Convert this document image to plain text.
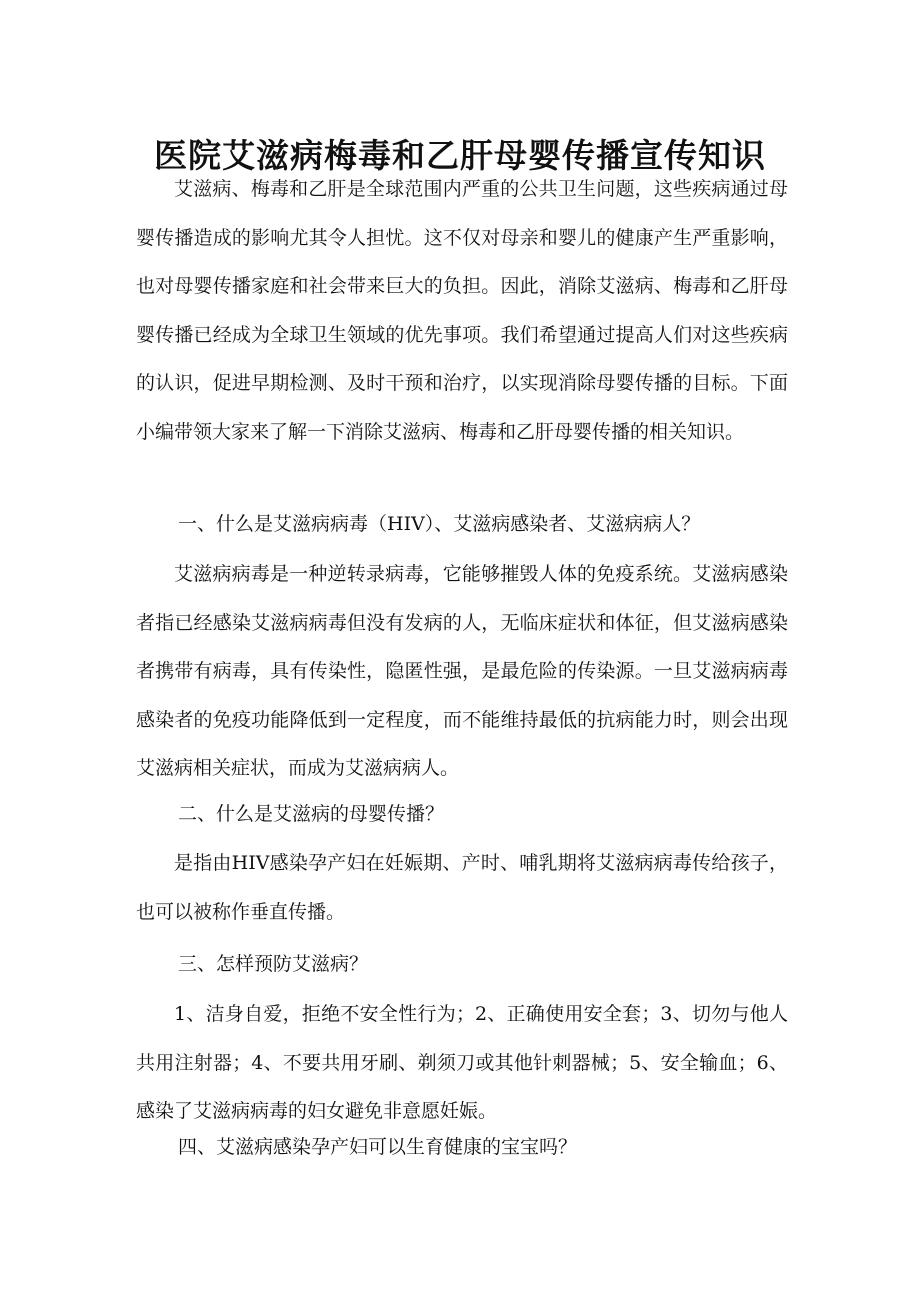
医院艾滋病梅毒和乙肝母婴传播宣传知识

艾滋病、梅毒和乙肝是全球范围内严重的公共卫生问题，这些疾病通过母婴传播造成的影响尤其令人担忧。这不仅对母亲和婴儿的健康产生严重影响，也对母婴传播家庭和社会带来巨大的负担。因此，消除艾滋病、梅毒和乙肝母婴传播已经成为全球卫生领域的优先事项。我们希望通过提高人们对这些疾病的认识，促进早期检测、及时干预和治疗，以实现消除母婴传播的目标。下面小编带领大家来了解一下消除艾滋病、梅毒和乙肝母婴传播的相关知识。

一、什么是艾滋病病毒（HIV）、艾滋病感染者、艾滋病病人？

艾滋病病毒是一种逆转录病毒，它能够摧毁人体的免疫系统。艾滋病感染者指已经感染艾滋病病毒但没有发病的人，无临床症状和体征，但艾滋病感染者携带有病毒，具有传染性，隐匿性强，是最危险的传染源。一旦艾滋病病毒感染者的免疫功能降低到一定程度，而不能维持最低的抗病能力时，则会出现艾滋病相关症状，而成为艾滋病病人。

二、什么是艾滋病的母婴传播？

是指由HIV感染孕产妇在妊娠期、产时、哺乳期将艾滋病病毒传给孩子，也可以被称作垂直传播。

三、怎样预防艾滋病？

1、洁身自爱，拒绝不安全性行为；2、正确使用安全套；3、切勿与他人共用注射器；4、不要共用牙刷、剃须刀或其他针刺器械；5、安全输血；6、感染了艾滋病病毒的妇女避免非意愿妊娠。

四、艾滋病感染孕产妇可以生育健康的宝宝吗？
